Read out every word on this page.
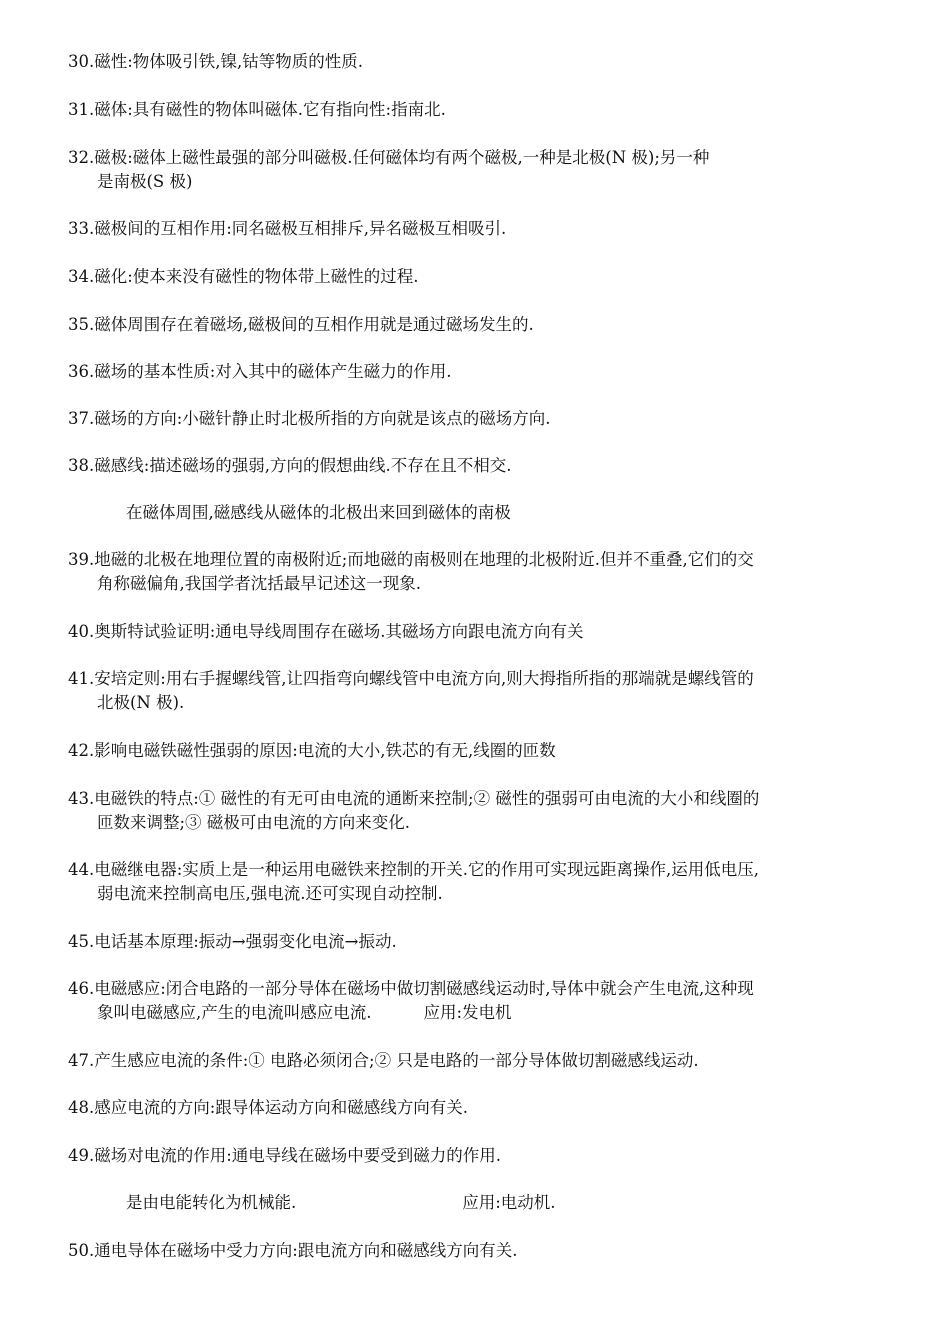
30.磁性:物体吸引铁,镍,钴等物质的性质.
31.磁体:具有磁性的物体叫磁体.它有指向性:指南北.
32.磁极:磁体上磁性最强的部分叫磁极.任何磁体均有两个磁极,一种是北极(N 极);另一种
是南极(S 极)
33.磁极间的互相作用:同名磁极互相排斥,异名磁极互相吸引.
34.磁化:使本来没有磁性的物体带上磁性的过程.
35.磁体周围存在着磁场,磁极间的互相作用就是通过磁场发生的.
36.磁场的基本性质:对入其中的磁体产生磁力的作用.
37.磁场的方向:小磁针静止时北极所指的方向就是该点的磁场方向.
38.磁感线:描述磁场的强弱,方向的假想曲线.不存在且不相交.
在磁体周围,磁感线从磁体的北极出来回到磁体的南极
39.地磁的北极在地理位置的南极附近;而地磁的南极则在地理的北极附近.但并不重叠,它们的交
角称磁偏角,我国学者沈括最早记述这一现象.
40.奥斯特试验证明:通电导线周围存在磁场.其磁场方向跟电流方向有关
41.安培定则:用右手握螺线管,让四指弯向螺线管中电流方向,则大拇指所指的那端就是螺线管的
北极(N 极).
42.影响电磁铁磁性强弱的原因:电流的大小,铁芯的有无,线圈的匝数
43.电磁铁的特点:① 磁性的有无可由电流的通断来控制;② 磁性的强弱可由电流的大小和线圈的
匝数来调整;③ 磁极可由电流的方向来变化.
44.电磁继电器:实质上是一种运用电磁铁来控制的开关.它的作用可实现远距离操作,运用低电压,
弱电流来控制高电压,强电流.还可实现自动控制.
45.电话基本原理:振动→强弱变化电流→振动.
46.电磁感应:闭合电路的一部分导体在磁场中做切割磁感线运动时,导体中就会产生电流,这种现
象叫电磁感应,产生的电流叫感应电流.	应用:发电机
47.产生感应电流的条件:① 电路必须闭合;② 只是电路的一部分导体做切割磁感线运动.
48.感应电流的方向:跟导体运动方向和磁感线方向有关.
49.磁场对电流的作用:通电导线在磁场中要受到磁力的作用.
是由电能转化为机械能.	应用:电动机.
50.通电导体在磁场中受力方向:跟电流方向和磁感线方向有关.
